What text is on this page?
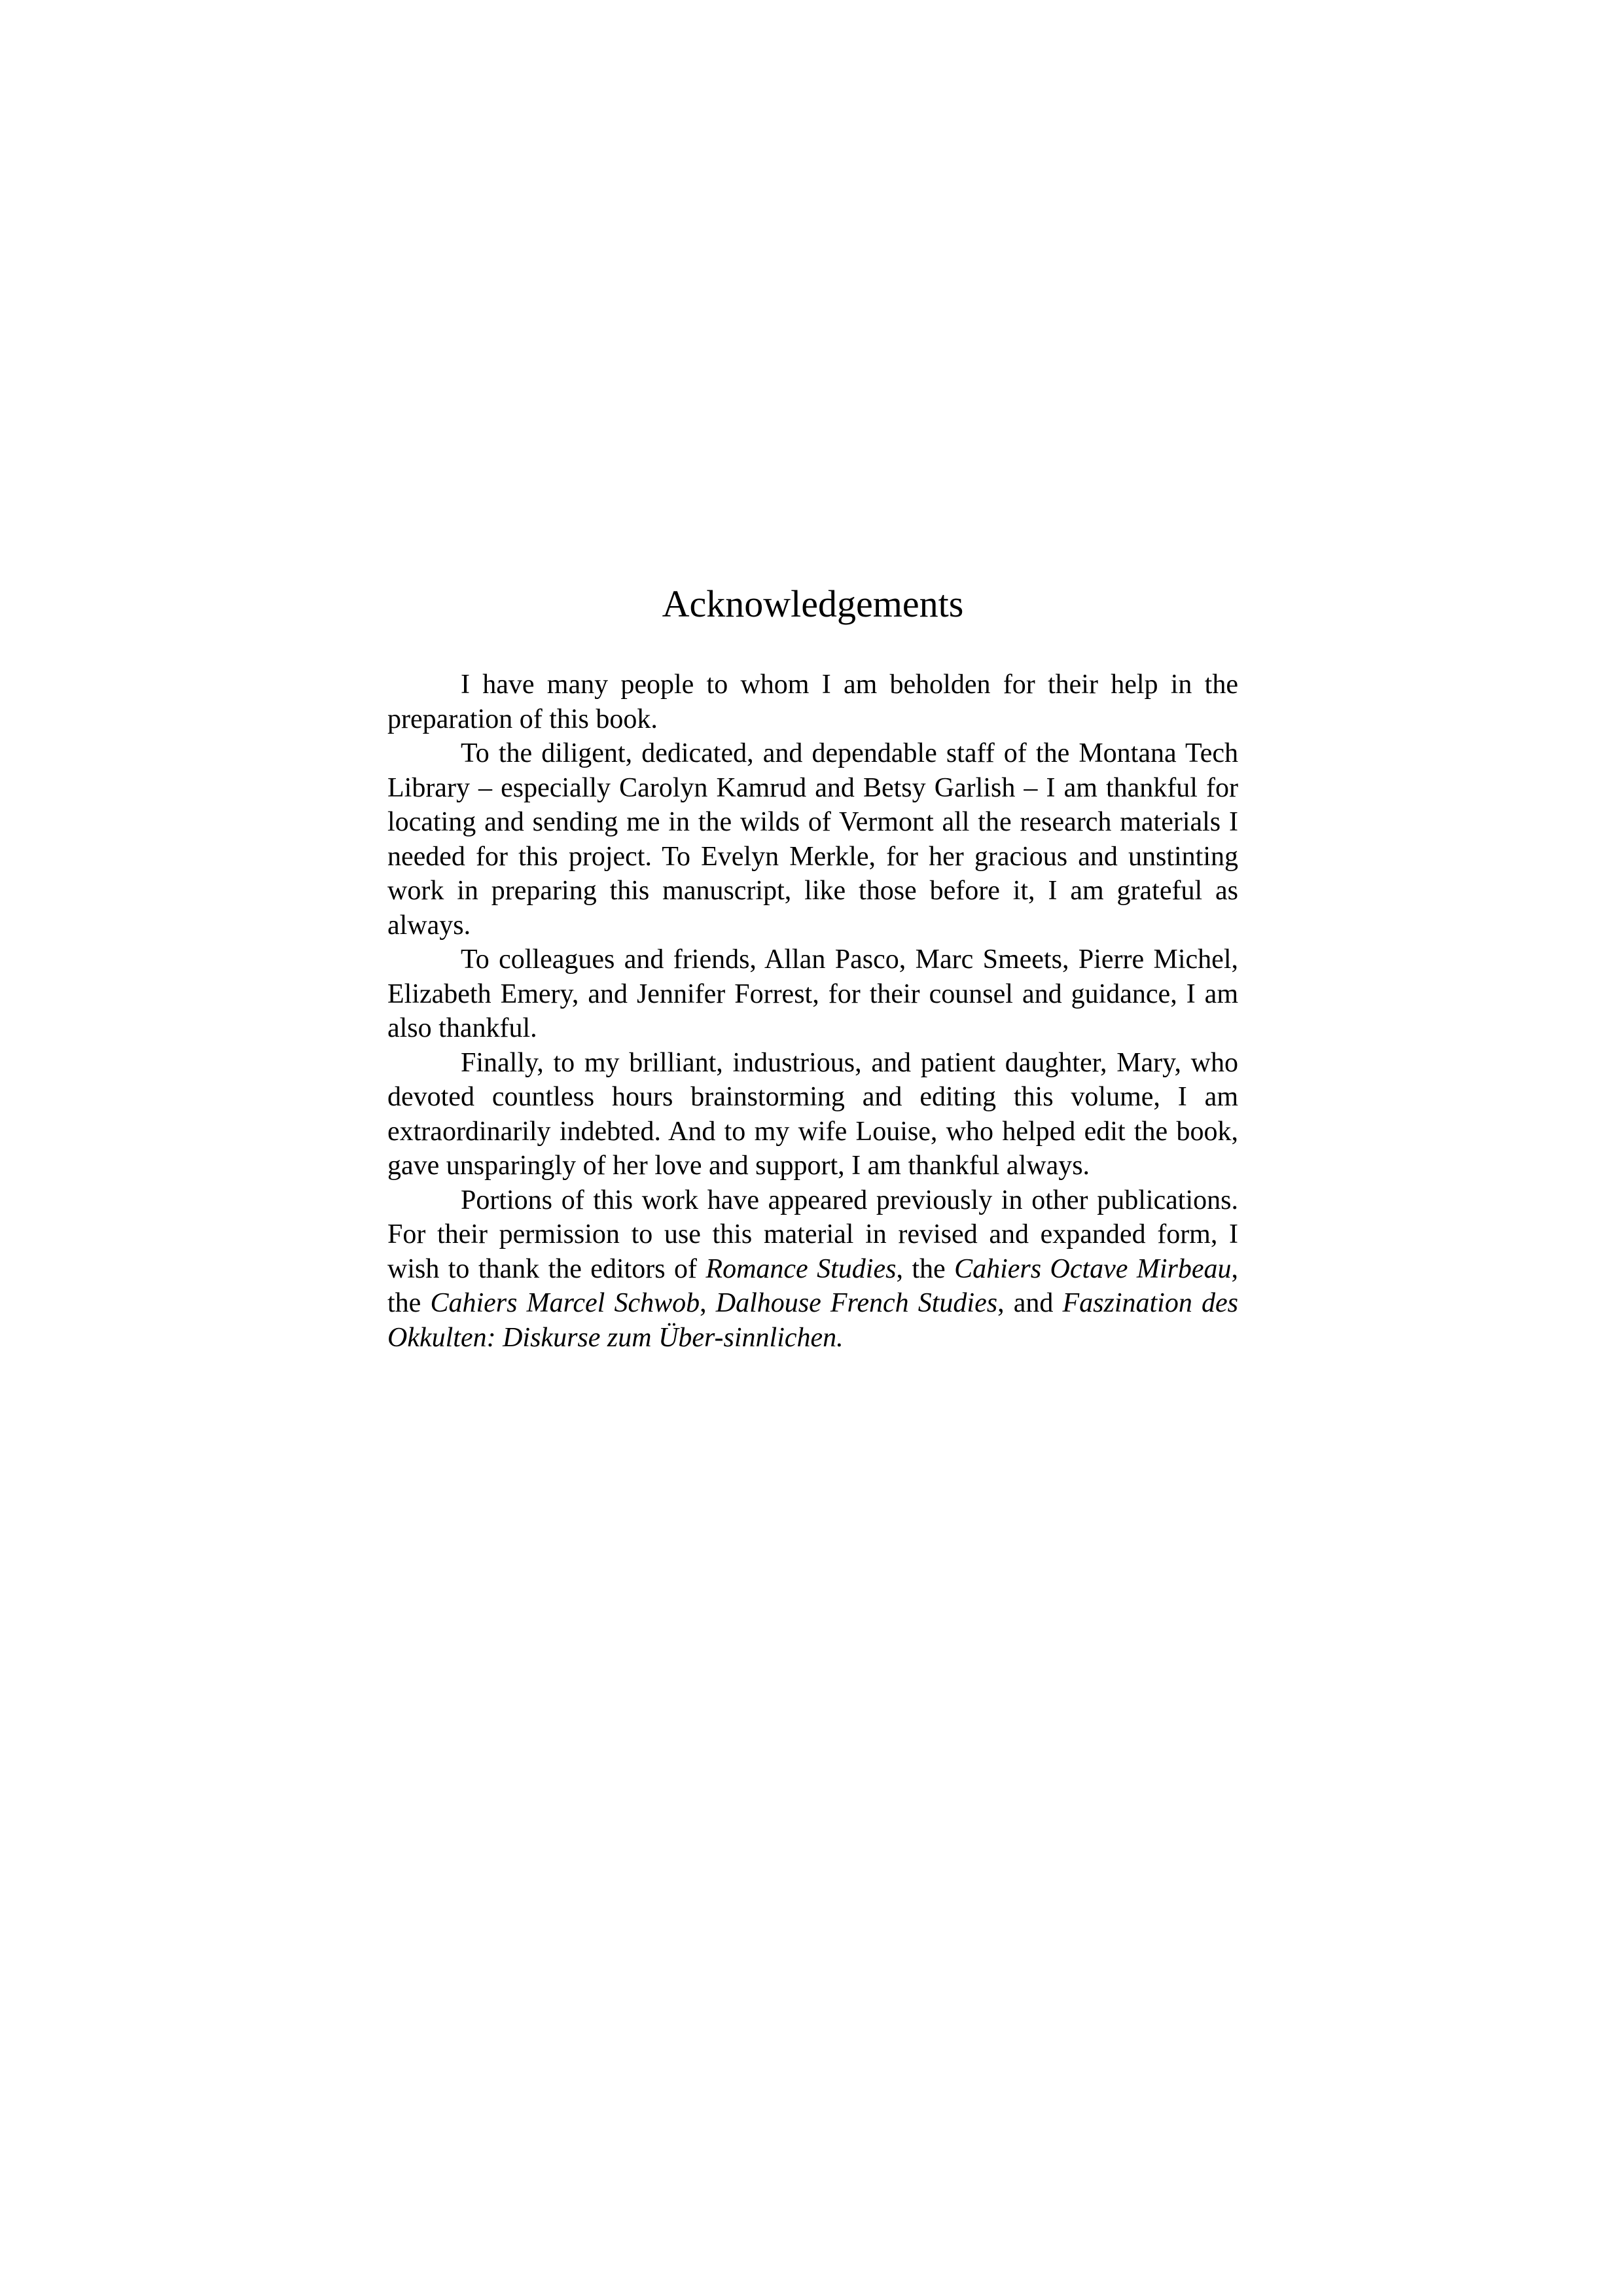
Acknowledgements

I have many people to whom I am beholden for their help in the preparation of this book.

To the diligent, dedicated, and dependable staff of the Montana Tech Library – especially Carolyn Kamrud and Betsy Garlish – I am thankful for locating and sending me in the wilds of Vermont all the research materials I needed for this project. To Evelyn Merkle, for her gracious and unstinting work in preparing this manuscript, like those before it, I am grateful as always.

To colleagues and friends, Allan Pasco, Marc Smeets, Pierre Michel, Elizabeth Emery, and Jennifer Forrest, for their counsel and guidance, I am also thankful.

Finally, to my brilliant, industrious, and patient daughter, Mary, who devoted countless hours brainstorming and editing this volume, I am extraordinarily indebted. And to my wife Louise, who helped edit the book, gave unsparingly of her love and support, I am thankful always.

Portions of this work have appeared previously in other publications. For their permission to use this material in revised and expanded form, I wish to thank the editors of Romance Studies, the Cahiers Octave Mirbeau, the Cahiers Marcel Schwob, Dalhouse French Studies, and Faszination des Okkulten: Diskurse zum Über-sinnlichen.
